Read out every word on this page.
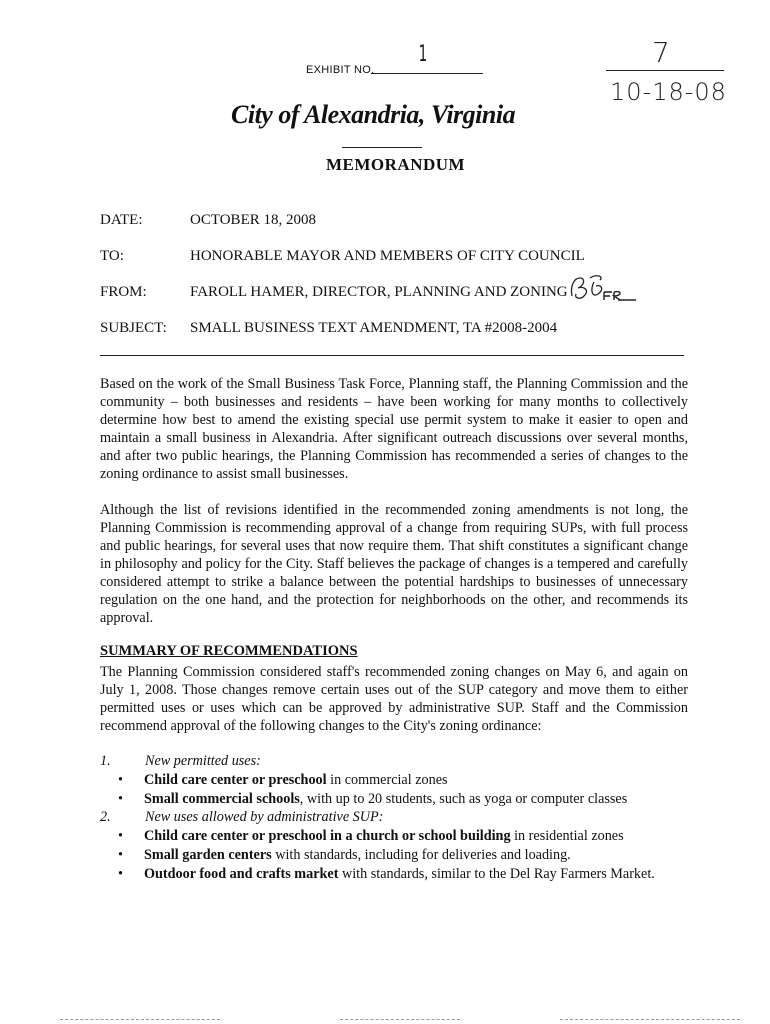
EXHIBIT NO.
1	7
10-18-08
City of Alexandria, Virginia
MEMORANDUM
DATE:	OCTOBER 18, 2008
TO:	HONORABLE MAYOR AND MEMBERS OF CITY COUNCIL
FROM:	FAROLL HAMER, DIRECTOR, PLANNING AND ZONING
SUBJECT: SMALL BUSINESS TEXT AMENDMENT, TA #2008-2004

Based on the work of the Small Business Task Force, Planning staff, the Planning Commission and the community – both businesses and residents – have been working for many months to collectively determine how best to amend the existing special use permit system to make it easier to open and maintain a small business in Alexandria. After significant outreach discussions over several months, and after two public hearings, the Planning Commission has recommended a series of changes to the zoning ordinance to assist small businesses.

Although the list of revisions identified in the recommended zoning amendments is not long, the Planning Commission is recommending approval of a change from requiring SUPs, with full process and public hearings, for several uses that now require them. That shift constitutes a significant change in philosophy and policy for the City. Staff believes the package of changes is a tempered and carefully considered attempt to strike a balance between the potential hardships to businesses of unnecessary regulation on the one hand, and the protection for neighborhoods on the other, and recommends its approval.

SUMMARY OF RECOMMENDATIONS

The Planning Commission considered staff's recommended zoning changes on May 6, and again on July 1, 2008. Those changes remove certain uses out of the SUP category and move them to either permitted uses or uses which can be approved by administrative SUP. Staff and the Commission recommend approval of the following changes to the City's zoning ordinance:

1. New permitted uses:
• Child care center or preschool in commercial zones
• Small commercial schools, with up to 20 students, such as yoga or computer classes
2. New uses allowed by administrative SUP:
• Child care center or preschool in a church or school building in residential zones
• Small garden centers with standards, including for deliveries and loading.
• Outdoor food and crafts market with standards, similar to the Del Ray Farmers Market.
